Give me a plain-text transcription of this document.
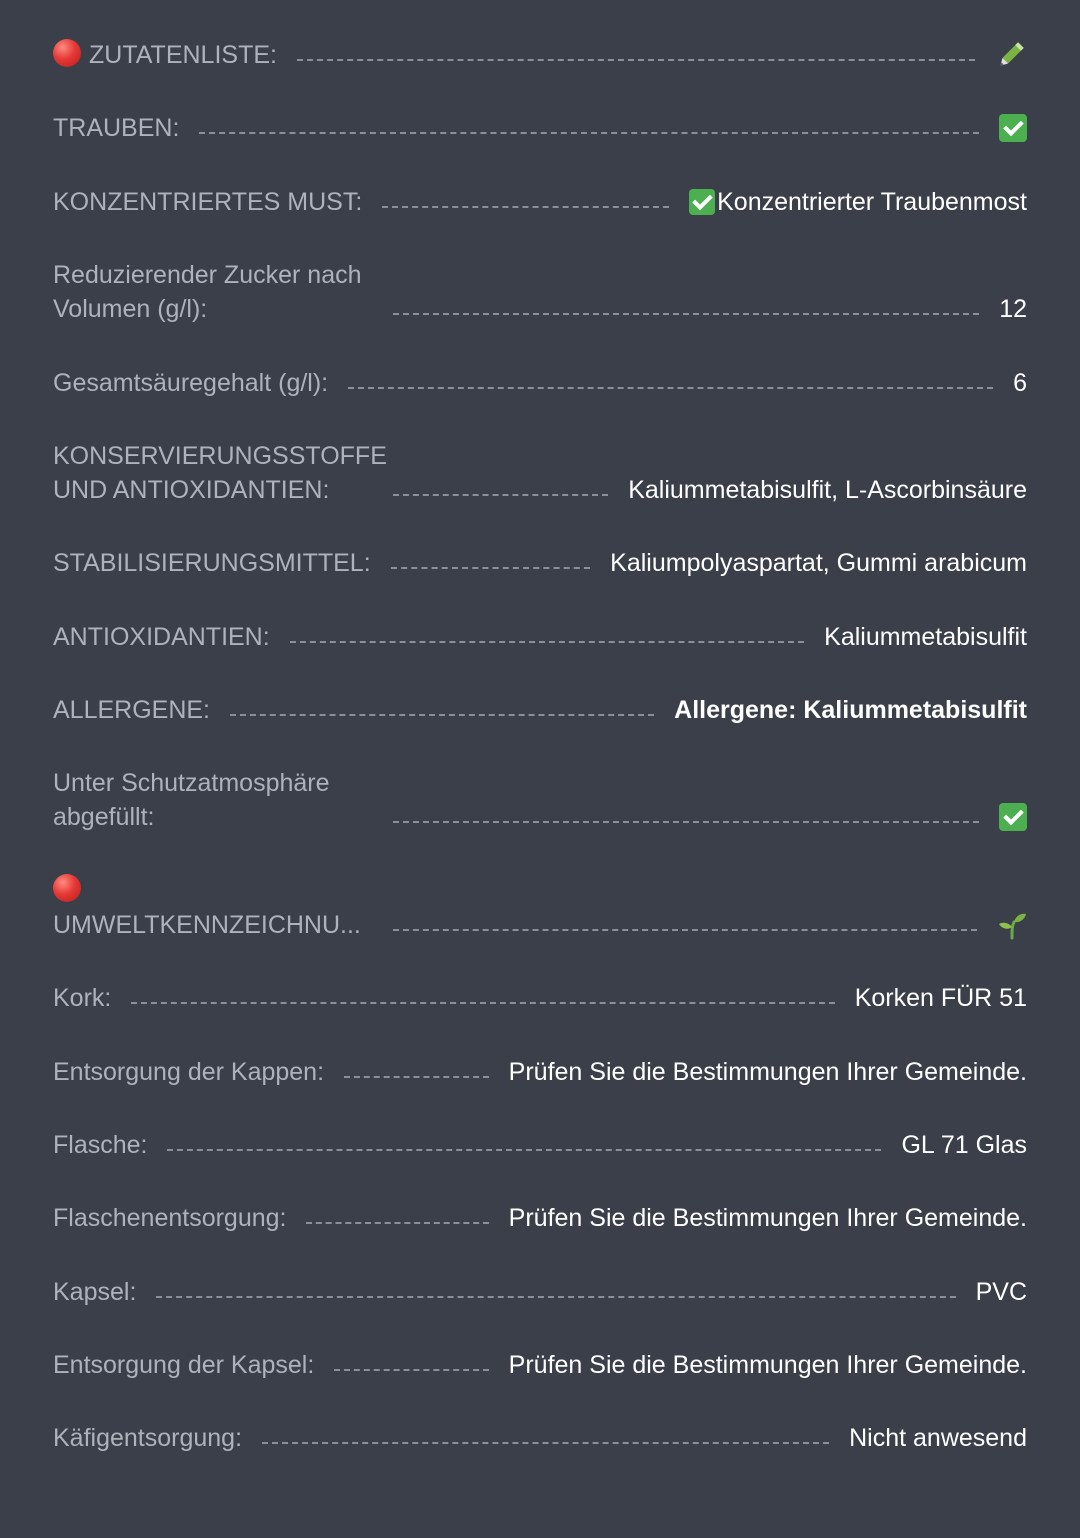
ZUTATENLISTE:
TRAUBEN:
KONZENTRIERTES MUST:	Konzentrierter Traubenmost
Reduzierender Zucker nach Volumen (g/l):	12
Gesamtsäuregehalt (g/l):	6
KONSERVIERUNGSSTOFFE UND ANTIOXIDANTIEN:	Kaliummetabisulfit, L-Ascorbinsäure
STABILISIERUNGSMITTEL:	Kaliumpolyaspartat, Gummi arabicum
ANTIOXIDANTIEN:	Kaliummetabisulfit
ALLERGENE:	Allergene: Kaliummetabisulfit
Unter Schutzatmosphäre abgefüllt:
UMWELTKENNZEICHNU...
Kork:	Korken FÜR 51
Entsorgung der Kappen:	Prüfen Sie die Bestimmungen Ihrer Gemeinde.
Flasche:	GL 71 Glas
Flaschenentsorgung:	Prüfen Sie die Bestimmungen Ihrer Gemeinde.
Kapsel:	PVC
Entsorgung der Kapsel:	Prüfen Sie die Bestimmungen Ihrer Gemeinde.
Käfigentsorgung:	Nicht anwesend
